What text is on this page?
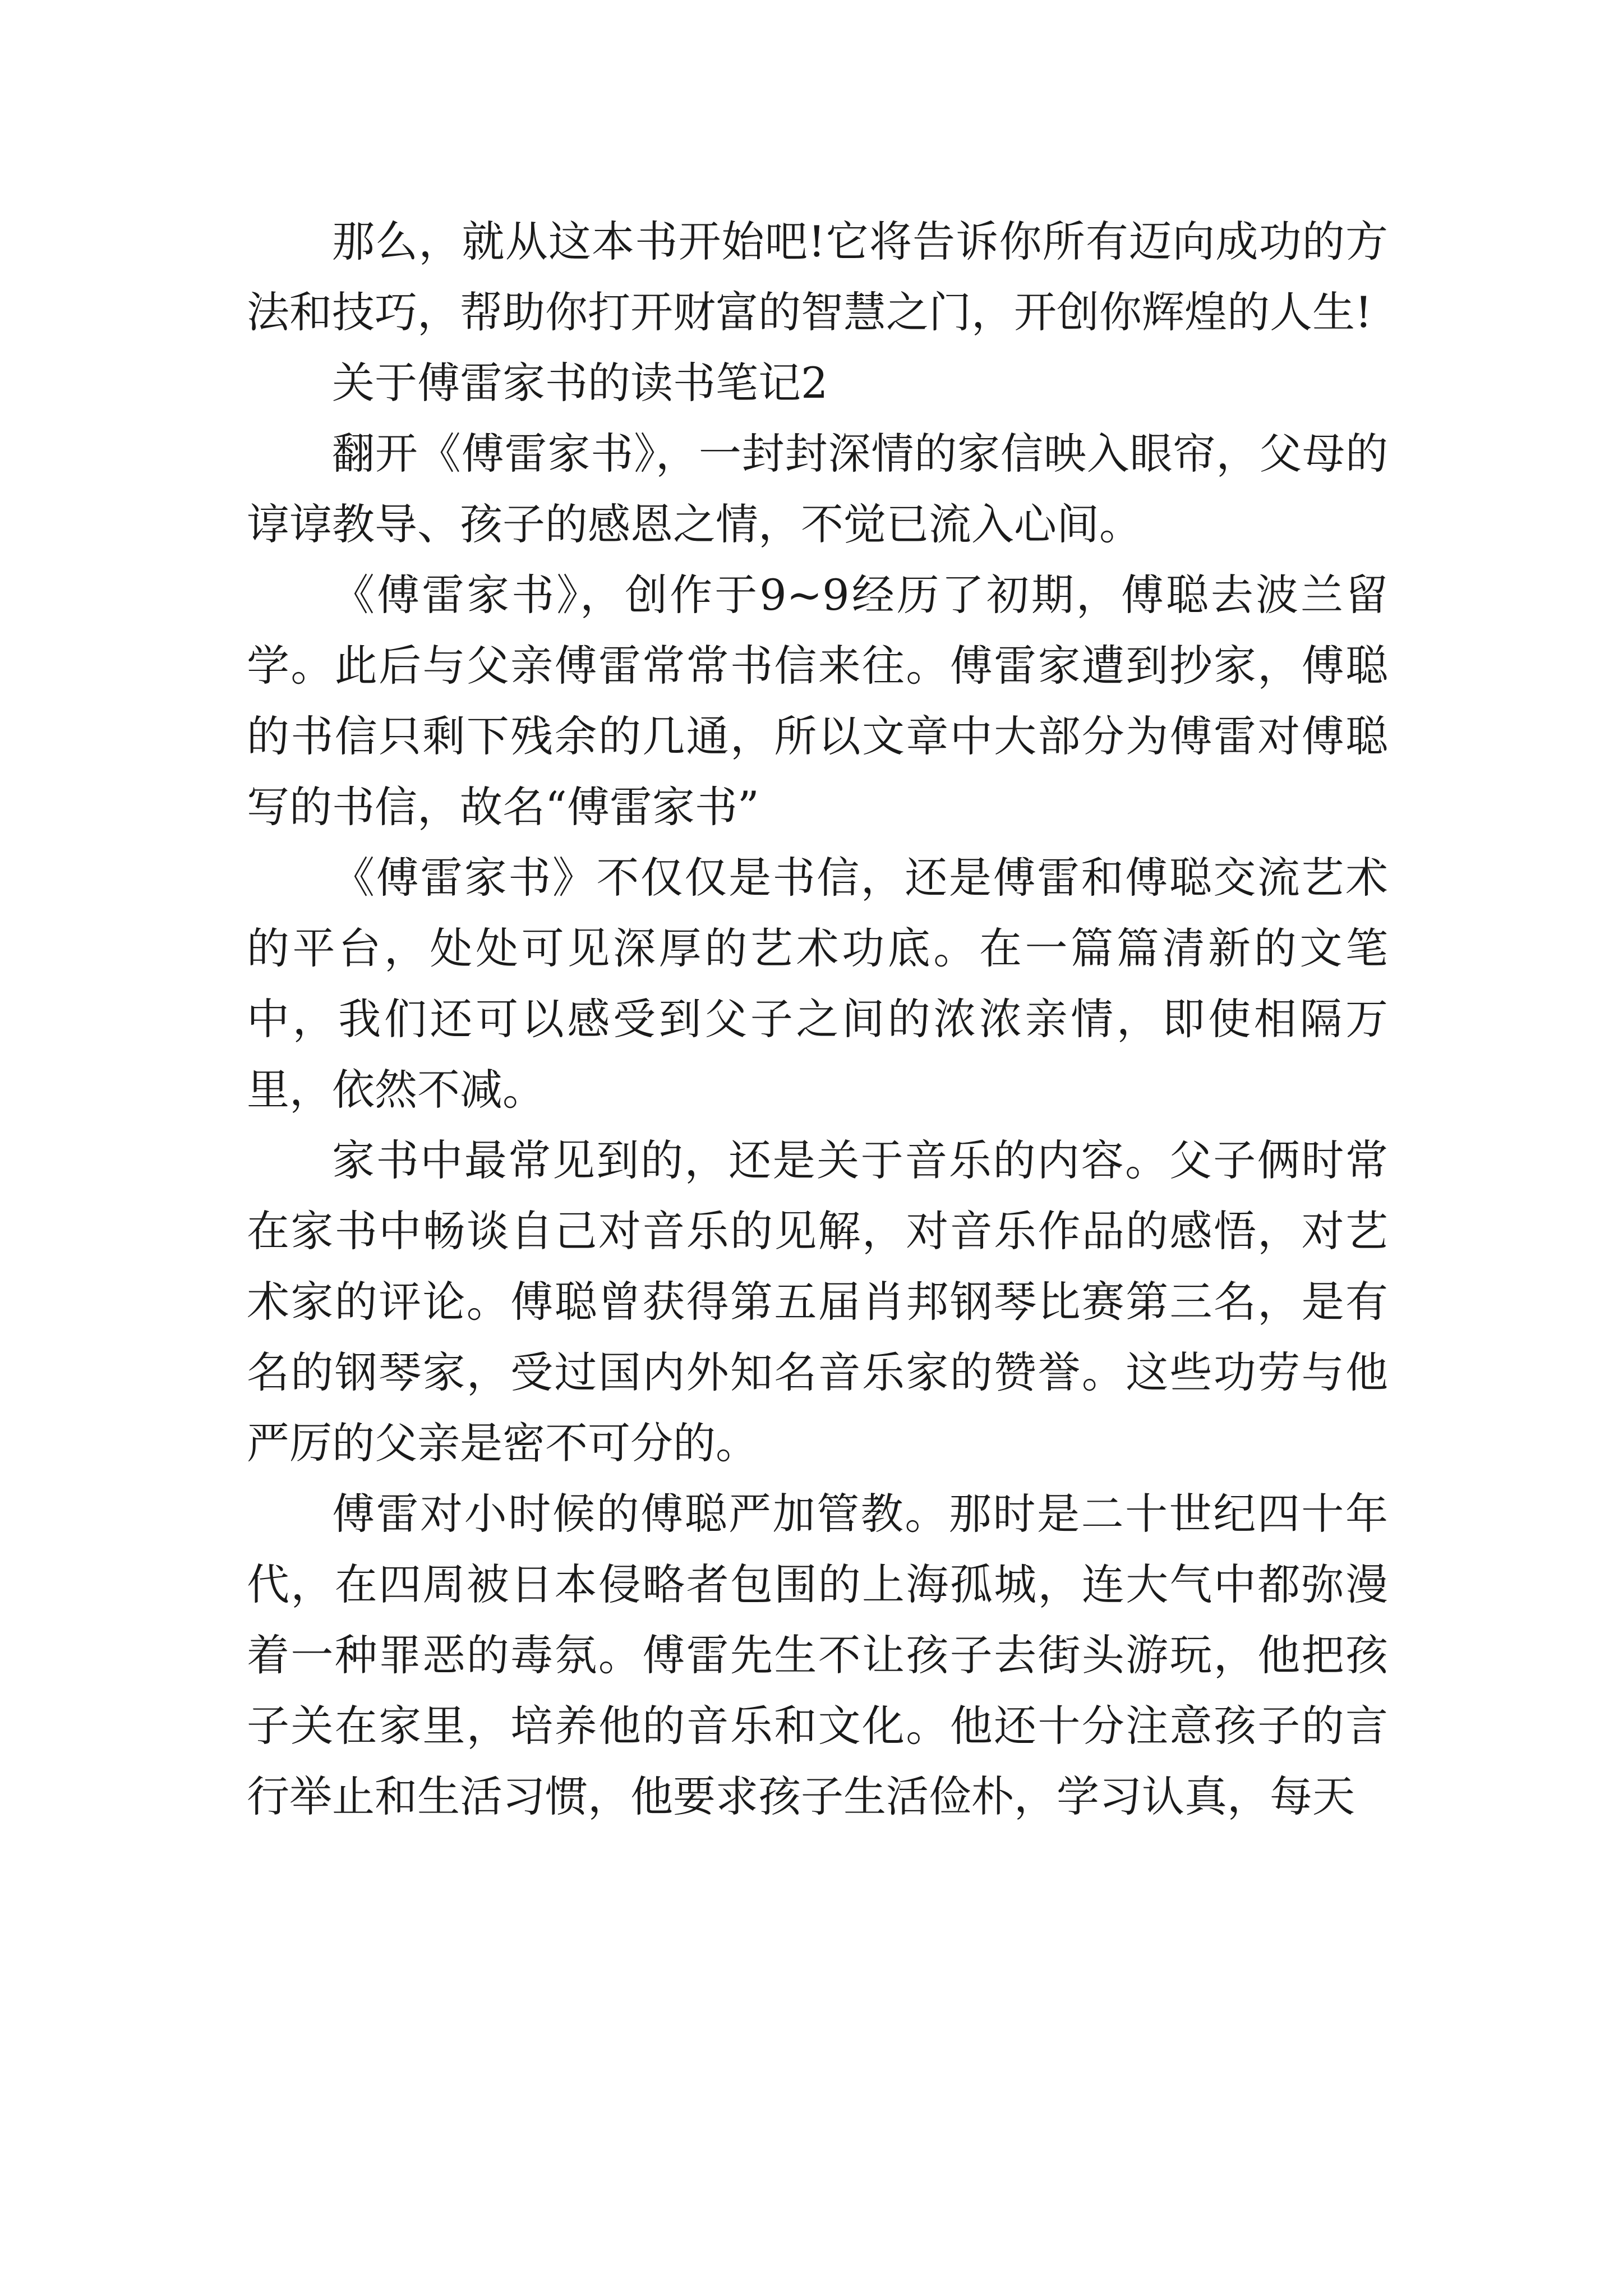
那么，就从这本书开始吧!它将告诉你所有迈向成功的方法和技巧，帮助你打开财富的智慧之门，开创你辉煌的人生!

关于傅雷家书的读书笔记2

翻开《傅雷家书》，一封封深情的家信映入眼帘，父母的谆谆教导、孩子的感恩之情，不觉已流入心间。

《傅雷家书》，创作于9~9经历了初期，傅聪去波兰留学。此后与父亲傅雷常常书信来往。傅雷家遭到抄家，傅聪的书信只剩下残余的几通，所以文章中大部分为傅雷对傅聪写的书信，故名“傅雷家书”

《傅雷家书》不仅仅是书信，还是傅雷和傅聪交流艺术的平台，处处可见深厚的艺术功底。在一篇篇清新的文笔中，我们还可以感受到父子之间的浓浓亲情，即使相隔万里，依然不减。

家书中最常见到的，还是关于音乐的内容。父子俩时常在家书中畅谈自己对音乐的见解，对音乐作品的感悟，对艺术家的评论。傅聪曾获得第五届肖邦钢琴比赛第三名，是有名的钢琴家，受过国内外知名音乐家的赞誉。这些功劳与他严厉的父亲是密不可分的。

傅雷对小时候的傅聪严加管教。那时是二十世纪四十年代，在四周被日本侵略者包围的上海孤城，连大气中都弥漫着一种罪恶的毒氛。傅雷先生不让孩子去街头游玩，他把孩子关在家里，培养他的音乐和文化。他还十分注意孩子的言行举止和生活习惯，他要求孩子生活俭朴，学习认真，每天
